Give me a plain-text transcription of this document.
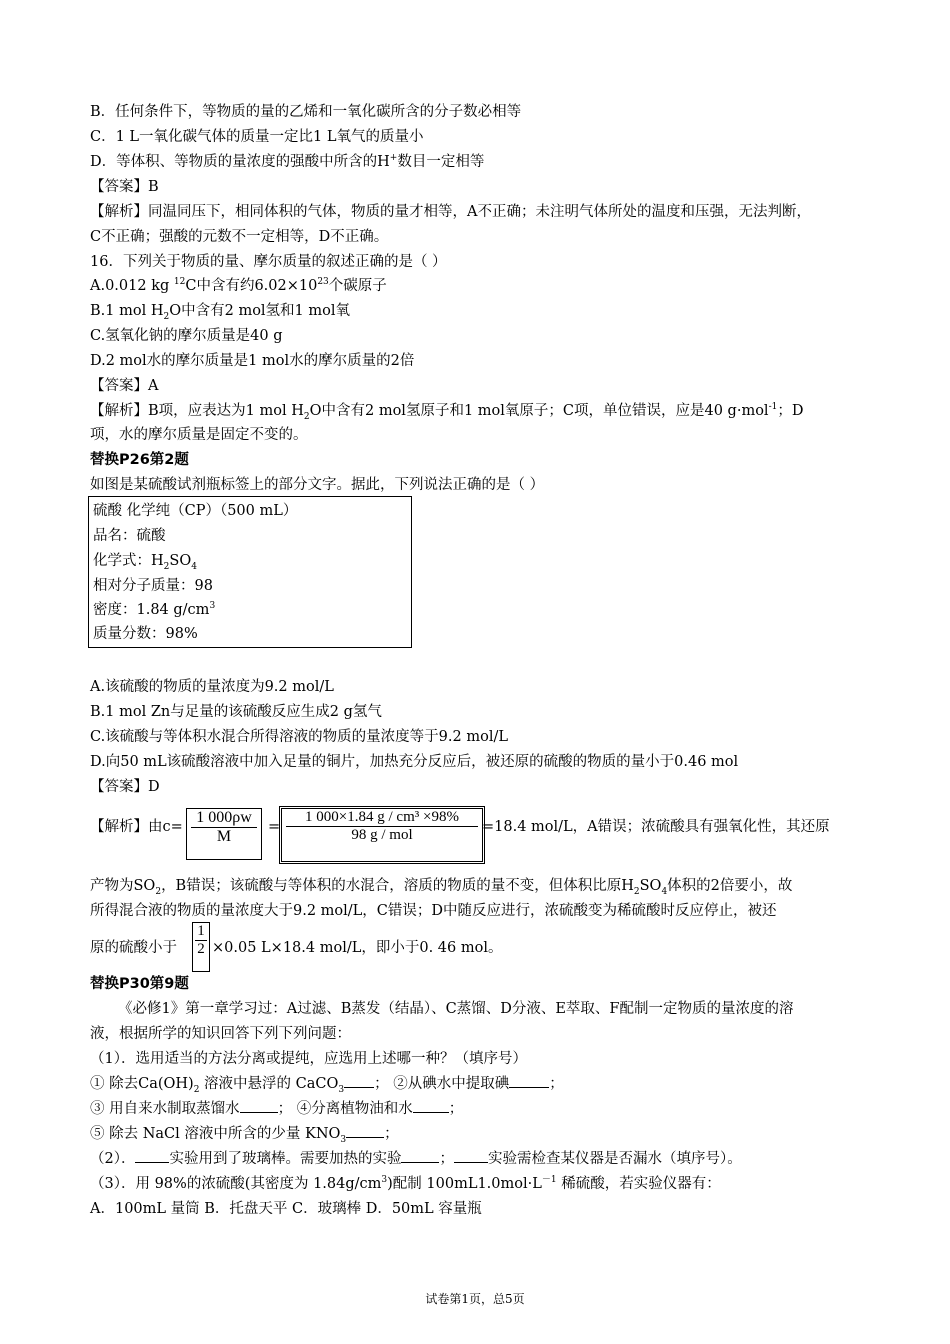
B．任何条件下，等物质的量的乙烯和一氧化碳所含的分子数必相等
C．1 L一氧化碳气体的质量一定比1 L氧气的质量小
D．等体积、等物质的量浓度的强酸中所含的H+数目一定相等
【答案】B
【解析】同温同压下，相同体积的气体，物质的量才相等，A不正确；未注明气体所处的温度和压强，无法判断，
C不正确；强酸的元数不一定相等，D不正确。
16．下列关于物质的量、摩尔质量的叙述正确的是（ ）
A.0.012 kg $^{12}$C中含有约$6.02\times 10^{23}$个碳原子
B.1 mol $H_2O$中含有2 mol氢和1 mol氧
C.氢氧化钠的摩尔质量是40 g
D.2 mol水的摩尔质量是1 mol水的摩尔质量的2倍
【答案】A
【解析】B项，应表达为1 mol $H_2O$中含有2 mol氢原子和1 mol氧原子；C项，单位错误，应是40 g·mol$^{-1}$；D
项，水的摩尔质量是固定不变的。
替换P26第2题
如图是某硫酸试剂瓶标签上的部分文字。据此，下列说法正确的是（ ）
硫酸 化学纯（CP）（500 mL）
品名：硫酸
化学式：$H_2SO_4$
相对分子质量：98
密度：1.84 $g/cm^3$
质量分数：98%
A.该硫酸的物质的量浓度为9.2 mol/L
B.1 mol Zn与足量的该硫酸反应生成2 g氢气
C.该硫酸与等体积水混合所得溶液的物质的量浓度等于9.2 mol/L
D.向50 mL该硫酸溶液中加入足量的铜片，加热充分反应后，被还原的硫酸的物质的量小于0.46 mol
【答案】D
【解析】由$c= \frac{1 000\rho w}{M}$ =
1 000×1.84 g / cm³ ×98%
98 g / mol	=18.4 mol/L，A错误；浓硫酸具有强氧化性，其还原
产物为$SO_2$，B错误；该硫酸与等体积的水混合，溶质的物质的量不变，但体积比原$H_2SO_4$体积的2倍要小，故
所得混合液的物质的量浓度大于9.2 mol/L，C错误；D中随反应进行，浓硫酸变为稀硫酸时反应停止，被还
原的硫酸小于 $\frac{1}{2} \times 0.05$ L×18.4 mol/L，即小于0. 46 mol。
替换P30第9题
《必修1》第一章学习过：A过滤、B蒸发（结晶）、C蒸馏、D分液、E萃取、F配制一定物质的量浓度的溶
液，根据所学的知识回答下列下列问题：
（1）．选用适当的方法分离或提纯，应选用上述哪一种？（填序号）
① 除去$Ca(OH)_2$ 溶液中悬浮的 CaCO$_3$ ； ②从碘水中提取碘	；
③ 用自来水制取蒸馏水	； ④分离植物油和水 ；
⑤ 除去 NaCl 溶液中所含的少量 $KNO_3$	；
（2）． 实验用到了玻璃棒。需要加热的实验	； 实验需检查某仪器是否漏水（填序号）。
（3）．用 98%的浓硫酸(其密度为 $1.84g/cm^3$)配制 $100mL1.0mol\cdot L^{-1}$ 稀硫酸，若实验仪器有：
A．100mL 量筒 B．托盘天平 C．玻璃棒 D．50mL 容量瓶
试卷第1页，总5页
